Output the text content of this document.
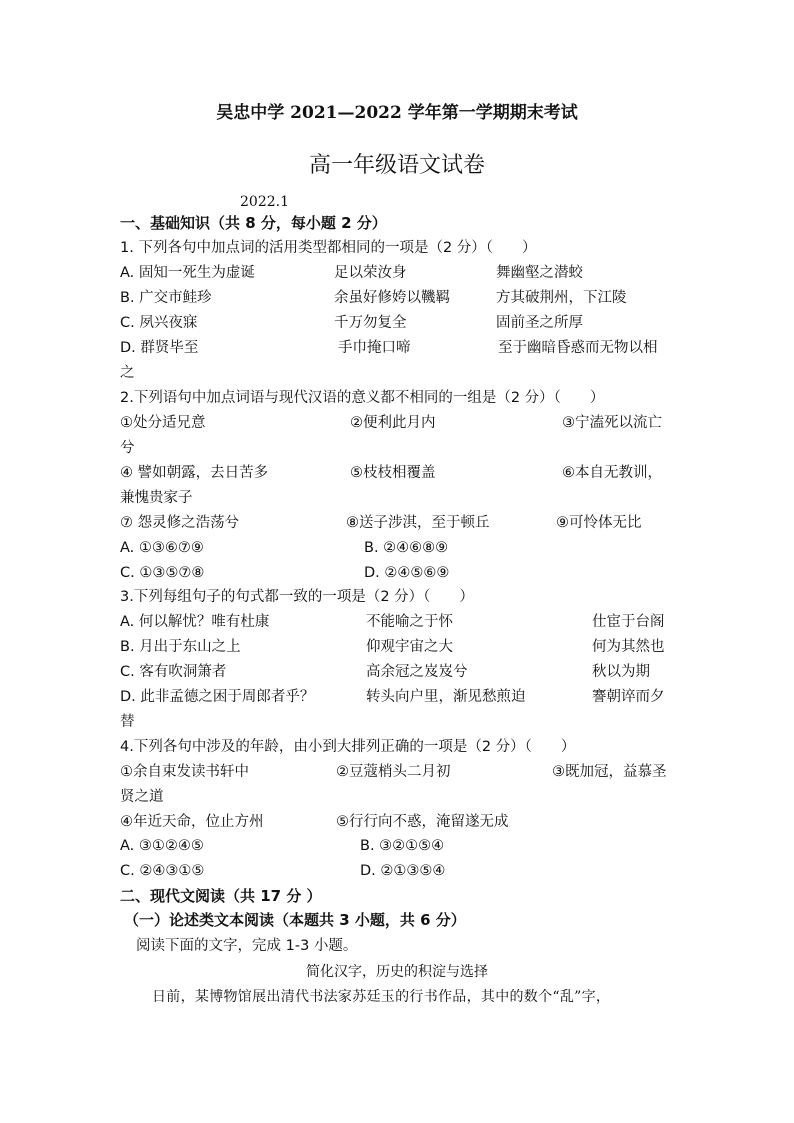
吴忠中学 2021—2022 学年第一学期期末考试
高一年级语文试卷
2022.1
一、基础知识（共 8 分，每小题 2 分）
1. 下列各句中加点词的活用类型都相同的一项是（2 分）（　　）
A. 固知一死生为虚诞	足以荣汝身	舞幽壑之潜蛟
B. 广交市鲑珍	余虽好修姱以鞿羁	方其破荆州，下江陵
C. 夙兴夜寐	千万勿复全	固前圣之所厚
D. 群贤毕至	手巾掩口啼	至于幽暗昏惑而无物以相
之
2.下列语句中加点词语与现代汉语的意义都不相同的一组是（2 分）（　　）
①处分适兄意	②便利此月内	③宁溘死以流亡
兮
④ 譬如朝露，去日苦多	⑤枝枝相覆盖	⑥本自无教训，
兼愧贵家子
⑦ 怨灵修之浩荡兮	⑧送子涉淇，至于顿丘	⑨可怜体无比
A. ①③⑥⑦⑨	B. ②④⑥⑧⑨
C. ①③⑤⑦⑧	D. ②④⑤⑥⑨
3.下列每组句子的句式都一致的一项是（2 分）（　　）
A. 何以解忧？唯有杜康	不能喻之于怀	仕宦于台阁
B. 月出于东山之上	仰观宇宙之大	何为其然也
C. 客有吹洞箫者	高余冠之岌岌兮	秋以为期
D. 此非孟德之困于周郎者乎？	转头向户里，渐见愁煎迫	謇朝谇而夕
替
4.下列各句中涉及的年龄，由小到大排列正确的一项是（2 分）（　　）
①余自束发读书轩中	②豆蔻梢头二月初	③既加冠，益慕圣
贤之道
④年近天命，位止方州	⑤行行向不惑，淹留遂无成
A. ③①②④⑤	B. ③②①⑤④
C. ②④③①⑤	D. ②①③⑤④
二、现代文阅读（共 17 分 ）
（一）论述类文本阅读（本题共 3 小题，共 6 分）
阅读下面的文字，完成 1-3 小题。
简化汉字，历史的积淀与选择
日前，某博物馆展出清代书法家苏廷玉的行书作品，其中的数个“乱”字，
